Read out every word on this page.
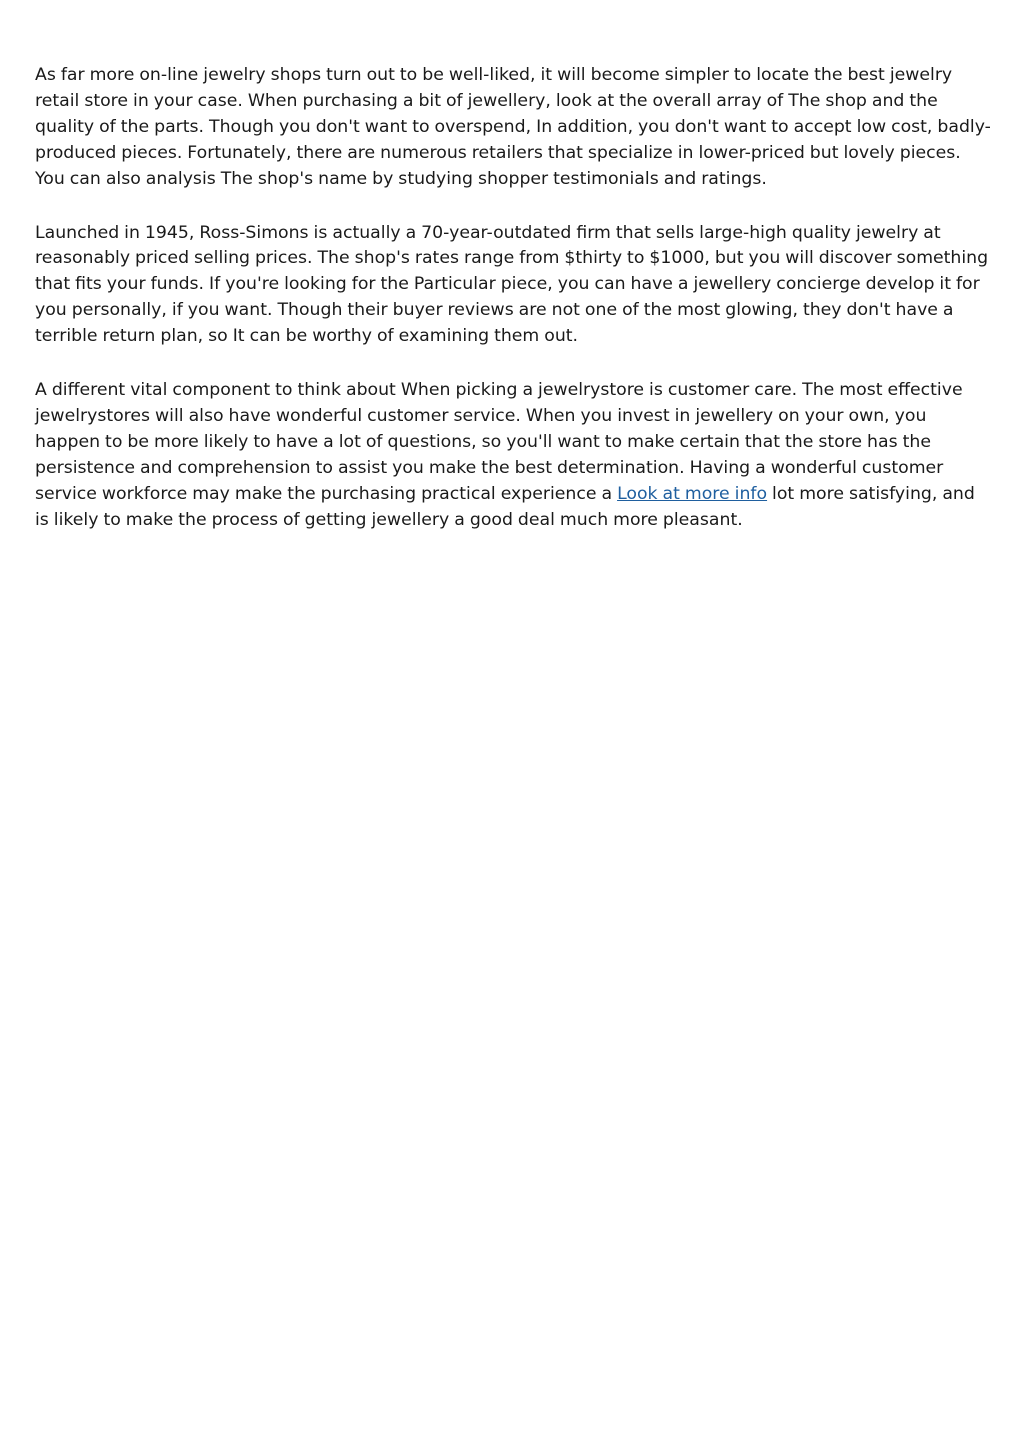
As far more on-line jewelry shops turn out to be well-liked, it will become simpler to locate the best jewelry retail store in your case. When purchasing a bit of jewellery, look at the overall array of The shop and the quality of the parts. Though you don't want to overspend, In addition, you don't want to accept low cost, badly-produced pieces. Fortunately, there are numerous retailers that specialize in lower-priced but lovely pieces. You can also analysis The shop's name by studying shopper testimonials and ratings.

Launched in 1945, Ross-Simons is actually a 70-year-outdated firm that sells large-high quality jewelry at reasonably priced selling prices. The shop's rates range from $thirty to $1000, but you will discover something that fits your funds. If you're looking for the Particular piece, you can have a jewellery concierge develop it for you personally, if you want. Though their buyer reviews are not one of the most glowing, they don't have a terrible return plan, so It can be worthy of examining them out.

A different vital component to think about When picking a jewelrystore is customer care. The most effective jewelrystores will also have wonderful customer service. When you invest in jewellery on your own, you happen to be more likely to have a lot of questions, so you'll want to make certain that the store has the persistence and comprehension to assist you make the best determination. Having a wonderful customer service workforce may make the purchasing practical experience a Look at more info lot more satisfying, and is likely to make the process of getting jewellery a good deal much more pleasant.
